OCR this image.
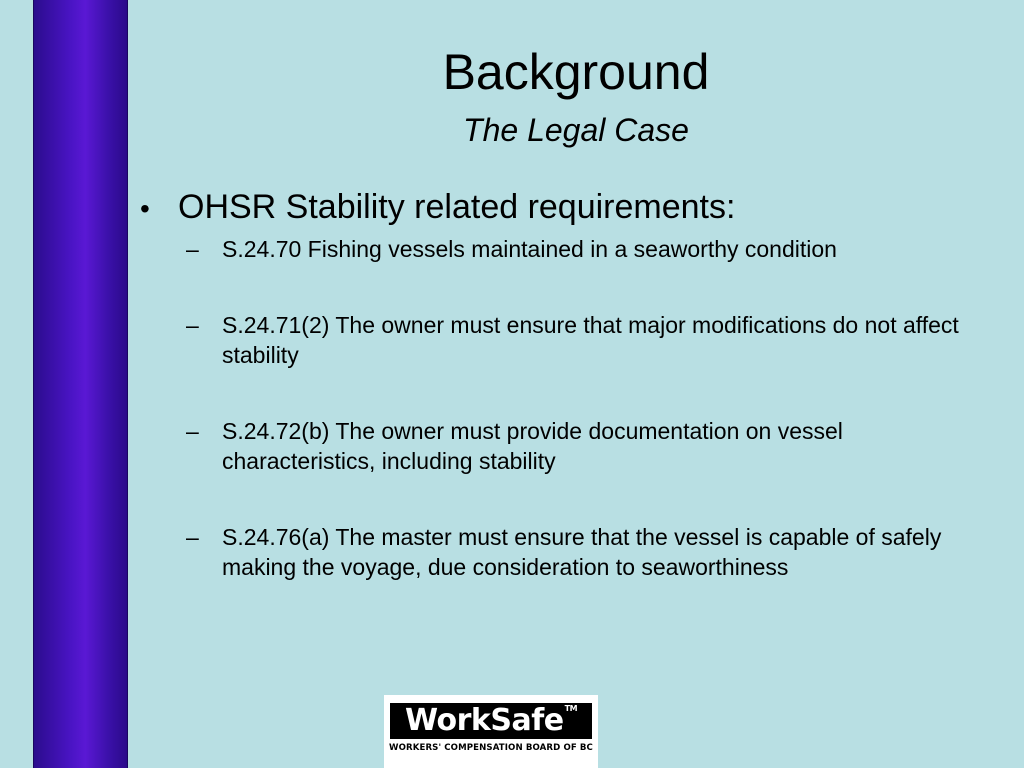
Background
The Legal Case
• OHSR Stability related requirements:
–	S.24.70 Fishing vessels maintained in a seaworthy condition
–	S.24.71(2) The owner must ensure that major modifications do not affect stability
–	S.24.72(b) The owner must provide documentation on vessel characteristics, including stability
–	S.24.76(a) The master must ensure that the vessel is capable of safely making the voyage, due consideration to seaworthiness
WorkSafe™
WORKERS' COMPENSATION BOARD OF BC
